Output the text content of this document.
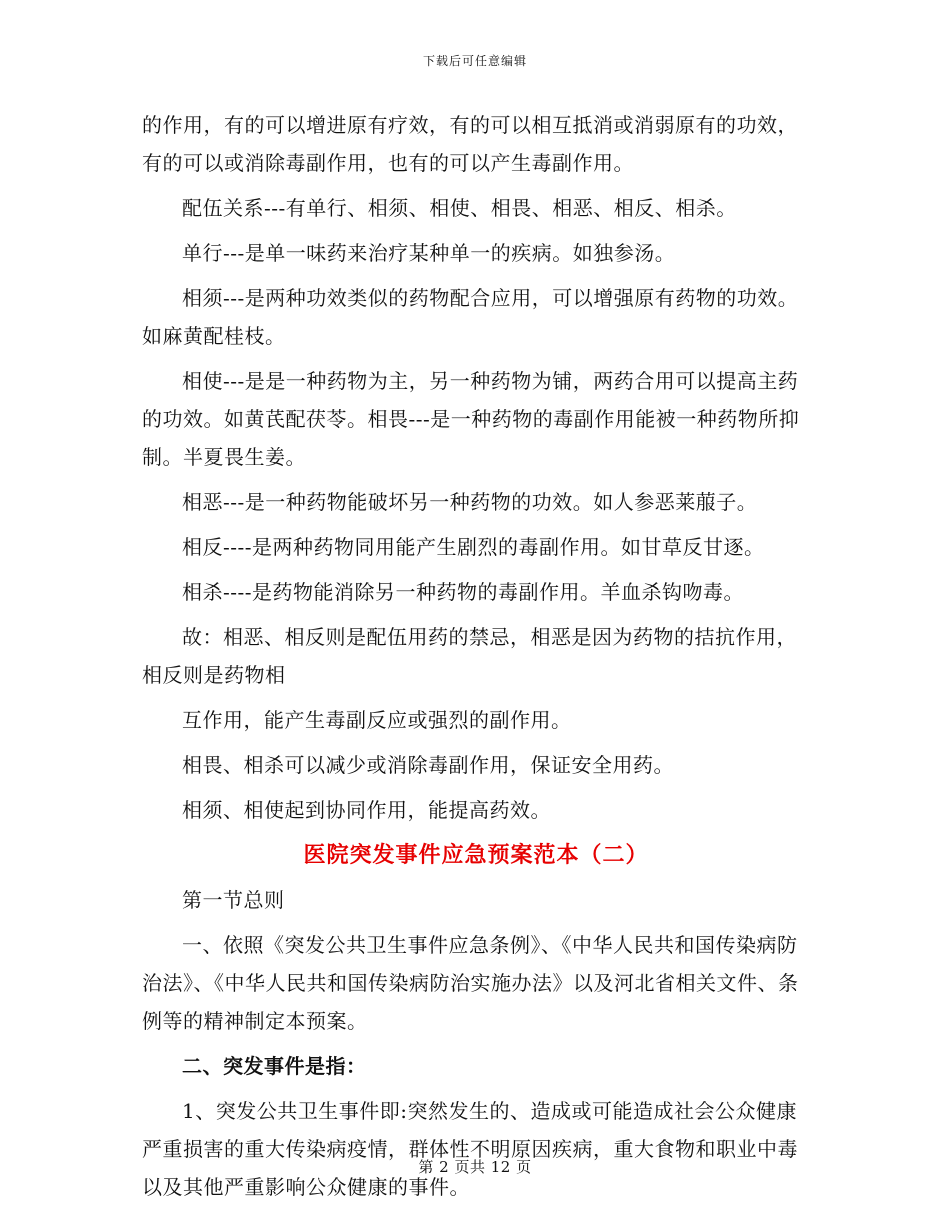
下载后可任意编辑

的作用，有的可以增进原有疗效，有的可以相互抵消或消弱原有的功效，有的可以或消除毒副作用，也有的可以产生毒副作用。

配伍关系---有单行、相须、相使、相畏、相恶、相反、相杀。

单行---是单一味药来治疗某种单一的疾病。如独参汤。

相须---是两种功效类似的药物配合应用，可以增强原有药物的功效。如麻黄配桂枝。

相使---是是一种药物为主，另一种药物为铺，两药合用可以提高主药的功效。如黄芪配茯苓。相畏---是一种药物的毒副作用能被一种药物所抑制。半夏畏生姜。

相恶---是一种药物能破坏另一种药物的功效。如人参恶莱菔子。

相反----是两种药物同用能产生剧烈的毒副作用。如甘草反甘逐。

相杀----是药物能消除另一种药物的毒副作用。羊血杀钩吻毒。

故：相恶、相反则是配伍用药的禁忌，相恶是因为药物的拮抗作用，相反则是药物相

互作用，能产生毒副反应或强烈的副作用。

相畏、相杀可以减少或消除毒副作用，保证安全用药。

相须、相使起到协同作用，能提高药效。

医院突发事件应急预案范本（二）

第一节总则

一、依照《突发公共卫生事件应急条例》、《中华人民共和国传染病防治法》、《中华人民共和国传染病防治实施办法》以及河北省相关文件、条例等的精神制定本预案。

二、突发事件是指：

1、突发公共卫生事件即:突然发生的、造成或可能造成社会公众健康严重损害的重大传染病疫情，群体性不明原因疾病，重大食物和职业中毒以及其他严重影响公众健康的事件。

第 2 页共 12 页
